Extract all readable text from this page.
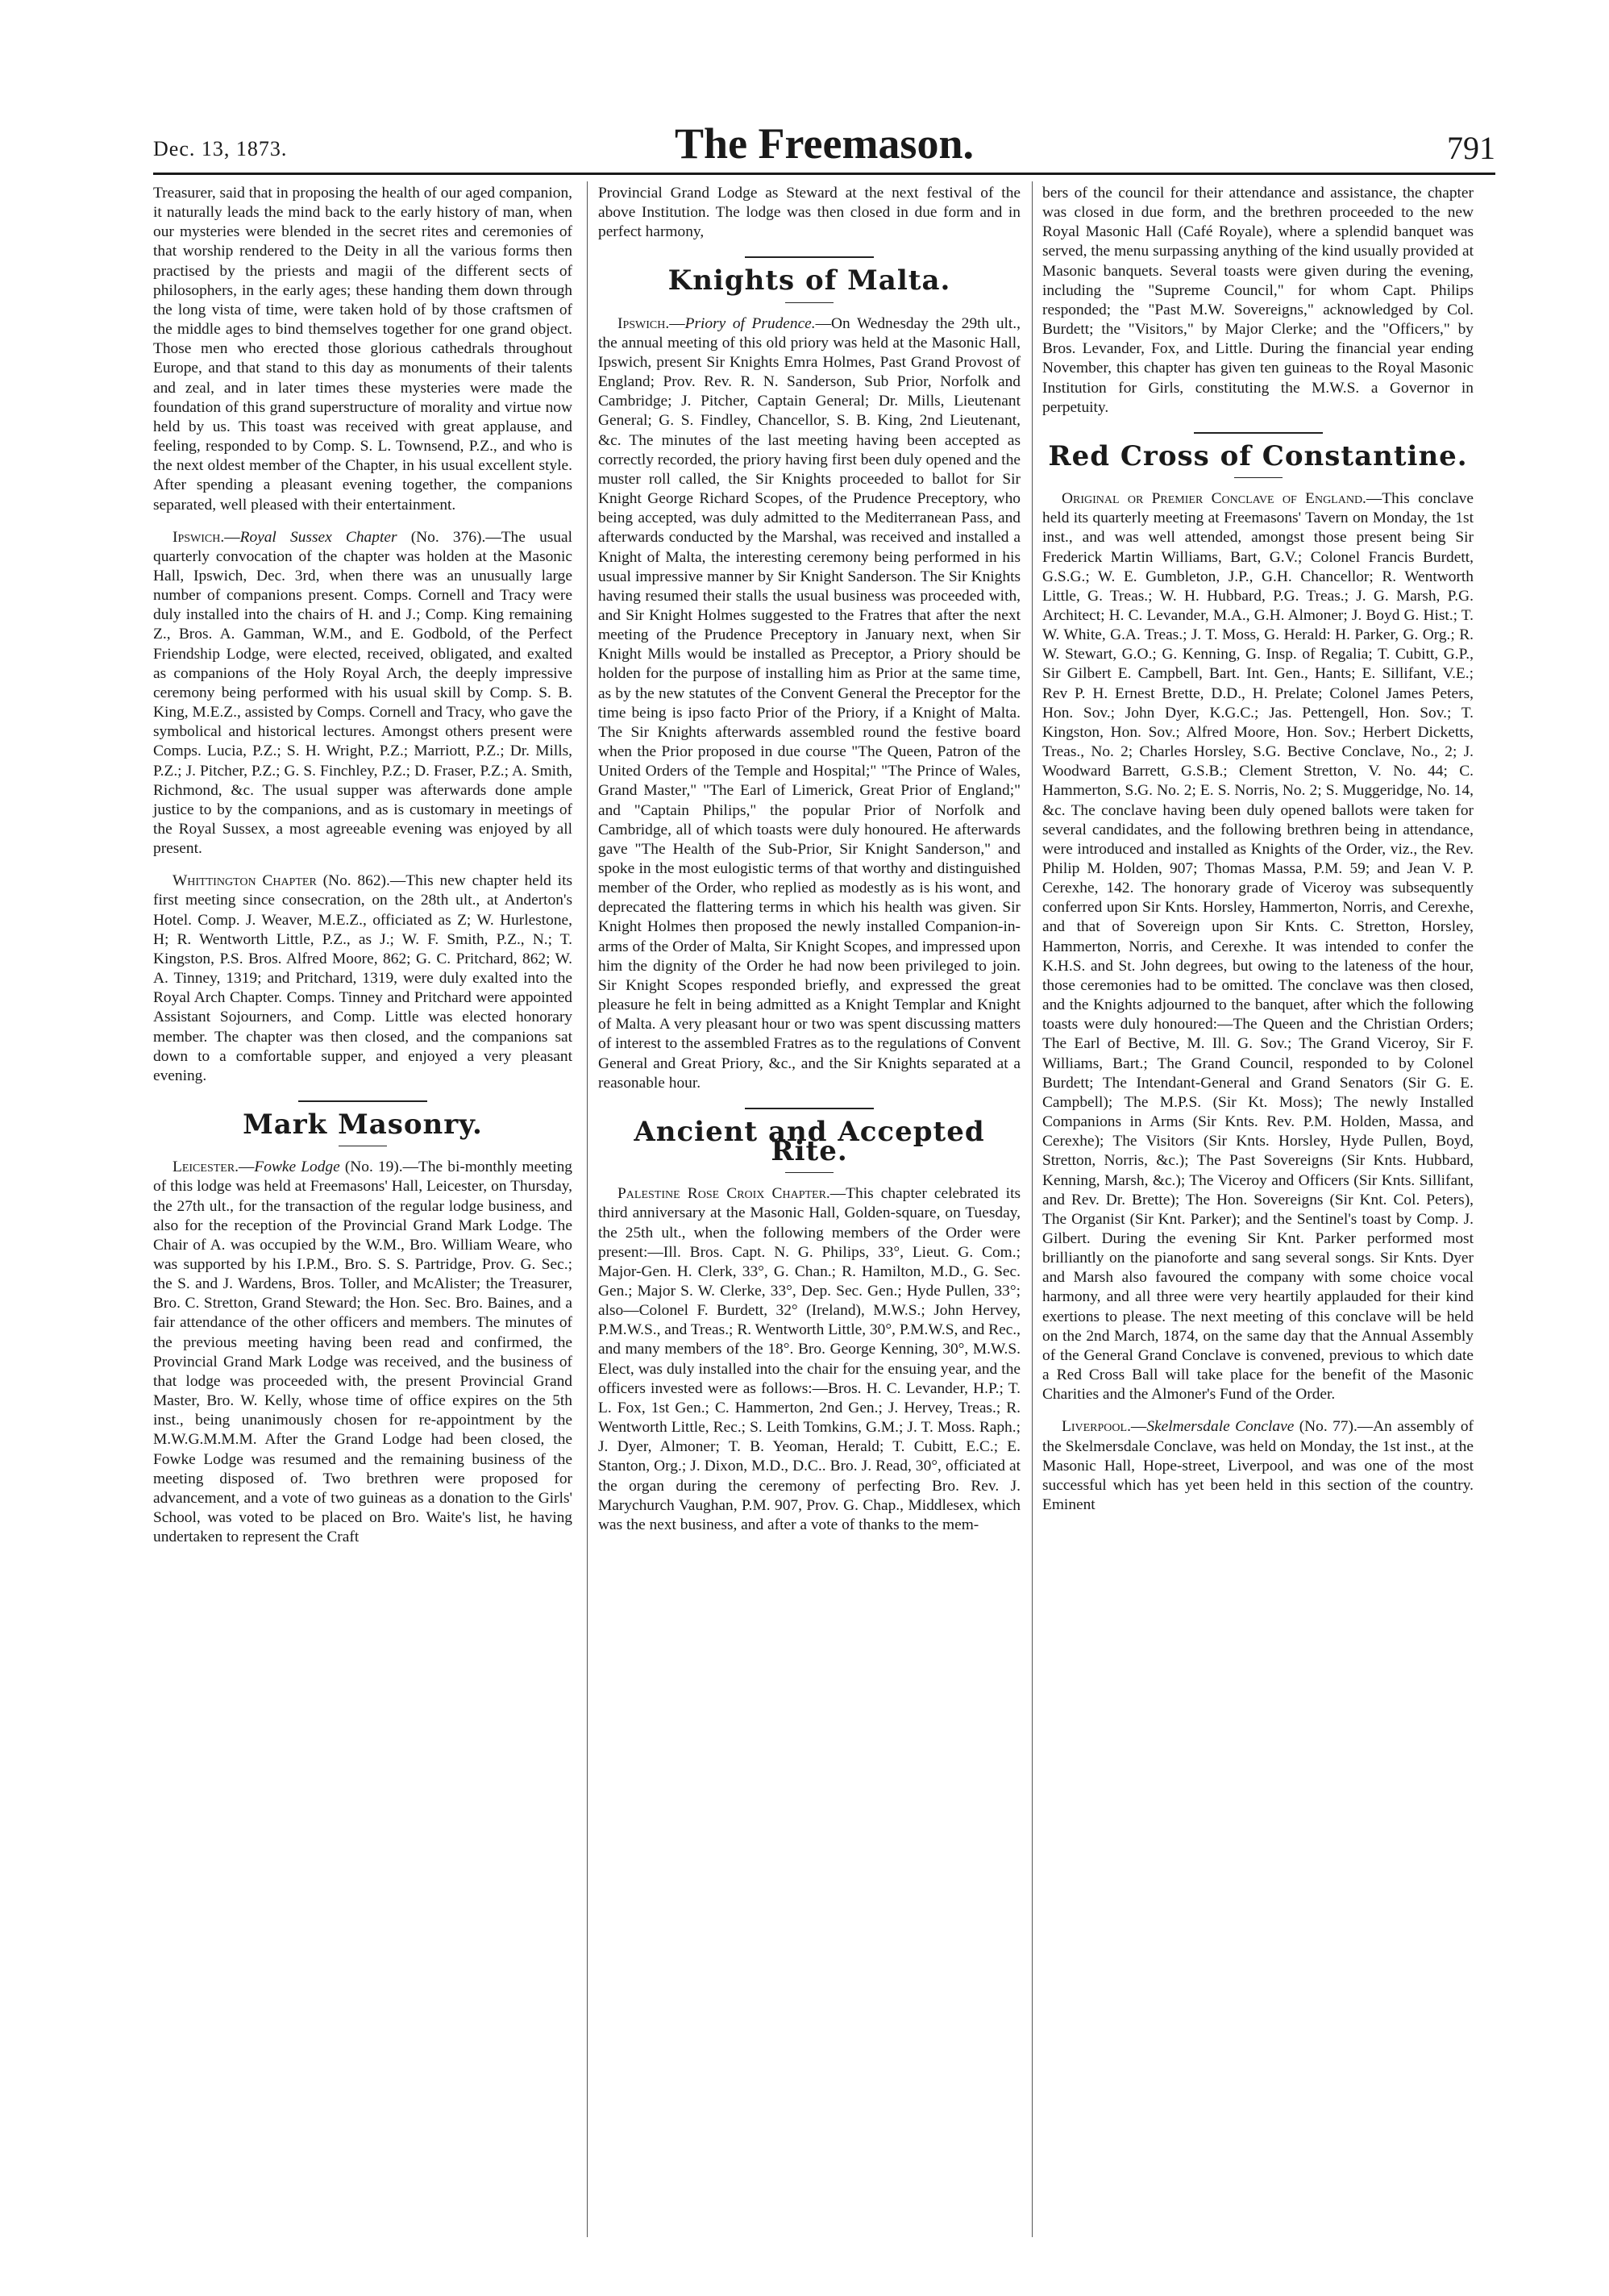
Dec. 13, 1873.	The Freemason.	791

Treasurer, said that in proposing the health of our aged companion, it naturally leads the mind back to the early history of man, when our mysteries were blended in the secret rites and ceremonies of that worship rendered to the Deity in all the various forms then practised by the priests and magii of the different sects of philosophers, in the early ages; these handing them down through the long vista of time, were taken hold of by those craftsmen of the middle ages to bind themselves together for one grand object. Those men who erected those glorious cathedrals throughout Europe, and that stand to this day as monuments of their talents and zeal, and in later times these mysteries were made the foundation of this grand superstructure of morality and virtue now held by us. This toast was received with great applause, and feeling, responded to by Comp. S. L. Townsend, P.Z., and who is the next oldest member of the Chapter, in his usual excellent style. After spending a pleasant evening together, the companions separated, well pleased with their entertainment.

Ipswich.—Royal Sussex Chapter (No. 376).—The usual quarterly convocation of the chapter was holden at the Masonic Hall, Ipswich, Dec. 3rd, when there was an unusually large number of companions present. Comps. Cornell and Tracy were duly installed into the chairs of H. and J.; Comp. King remaining Z., Bros. A. Gamman, W.M., and E. Godbold, of the Perfect Friendship Lodge, were elected, received, obligated, and exalted as companions of the Holy Royal Arch, the deeply impressive ceremony being performed with his usual skill by Comp. S. B. King, M.E.Z., assisted by Comps. Cornell and Tracy, who gave the symbolical and historical lectures. Amongst others present were Comps. Lucia, P.Z.; S. H. Wright, P.Z.; Marriott, P.Z.; Dr. Mills, P.Z.; J. Pitcher, P.Z.; G. S. Finchley, P.Z.; D. Fraser, P.Z.; A. Smith, Richmond, &c. The usual supper was afterwards done ample justice to by the companions, and as is customary in meetings of the Royal Sussex, a most agreeable evening was enjoyed by all present.

Whittington Chapter (No. 862).—This new chapter held its first meeting since consecration, on the 28th ult., at Anderton's Hotel. Comp. J. Weaver, M.E.Z., officiated as Z; W. Hurlestone, H; R. Wentworth Little, P.Z., as J.; W. F. Smith, P.Z., N.; T. Kingston, P.S. Bros. Alfred Moore, 862; G. C. Pritchard, 862; W. A. Tinney, 1319; and Pritchard, 1319, were duly exalted into the Royal Arch Chapter. Comps. Tinney and Pritchard were appointed Assistant Sojourners, and Comp. Little was elected honorary member. The chapter was then closed, and the companions sat down to a comfortable supper, and enjoyed a very pleasant evening.

Mark Masonry.

Leicester.—Fowke Lodge (No. 19).—The bi-monthly meeting of this lodge was held at Freemasons' Hall, Leicester, on Thursday, the 27th ult., for the transaction of the regular lodge business, and also for the reception of the Provincial Grand Mark Lodge. The Chair of A. was occupied by the W.M., Bro. William Weare, who was supported by his I.P.M., Bro. S. S. Partridge, Prov. G. Sec.; the S. and J. Wardens, Bros. Toller, and McAlister; the Treasurer, Bro. C. Stretton, Grand Steward; the Hon. Sec. Bro. Baines, and a fair attendance of the other officers and members. The minutes of the previous meeting having been read and confirmed, the Provincial Grand Mark Lodge was received, and the business of that lodge was proceeded with, the present Provincial Grand Master, Bro. W. Kelly, whose time of office expires on the 5th inst., being unanimously chosen for re-appointment by the M.W.G.M.M.M. After the Grand Lodge had been closed, the Fowke Lodge was resumed and the remaining business of the meeting disposed of. Two brethren were proposed for advancement, and a vote of two guineas as a donation to the Girls' School, was voted to be placed on Bro. Waite's list, he having undertaken to represent the Craft

Provincial Grand Lodge as Steward at the next festival of the above Institution. The lodge was then closed in due form and in perfect harmony,

Knights of Malta.

Ipswich.—Priory of Prudence.—On Wednesday the 29th ult., the annual meeting of this old priory was held at the Masonic Hall, Ipswich, present Sir Knights Emra Holmes, Past Grand Provost of England; Prov. Rev. R. N. Sanderson, Sub Prior, Norfolk and Cambridge; J. Pitcher, Captain General; Dr. Mills, Lieutenant General; G. S. Findley, Chancellor, S. B. King, 2nd Lieutenant, &c. The minutes of the last meeting having been accepted as correctly recorded, the priory having first been duly opened and the muster roll called, the Sir Knights proceeded to ballot for Sir Knight George Richard Scopes, of the Prudence Preceptory, who being accepted, was duly admitted to the Mediterranean Pass, and afterwards conducted by the Marshal, was received and installed a Knight of Malta, the interesting ceremony being performed in his usual impressive manner by Sir Knight Sanderson. The Sir Knights having resumed their stalls the usual business was proceeded with, and Sir Knight Holmes suggested to the Fratres that after the next meeting of the Prudence Preceptory in January next, when Sir Knight Mills would be installed as Preceptor, a Priory should be holden for the purpose of installing him as Prior at the same time, as by the new statutes of the Convent General the Preceptor for the time being is ipso facto Prior of the Priory, if a Knight of Malta. The Sir Knights afterwards assembled round the festive board when the Prior proposed in due course "The Queen, Patron of the United Orders of the Temple and Hospital;" "The Prince of Wales, Grand Master," "The Earl of Limerick, Great Prior of England;" and "Captain Philips," the popular Prior of Norfolk and Cambridge, all of which toasts were duly honoured. He afterwards gave "The Health of the Sub-Prior, Sir Knight Sanderson," and spoke in the most eulogistic terms of that worthy and distinguished member of the Order, who replied as modestly as is his wont, and deprecated the flattering terms in which his health was given. Sir Knight Holmes then proposed the newly installed Companion-in-arms of the Order of Malta, Sir Knight Scopes, and impressed upon him the dignity of the Order he had now been privileged to join. Sir Knight Scopes responded briefly, and expressed the great pleasure he felt in being admitted as a Knight Templar and Knight of Malta. A very pleasant hour or two was spent discussing matters of interest to the assembled Fratres as to the regulations of Convent General and Great Priory, &c., and the Sir Knights separated at a reasonable hour.

Ancient and Accepted Rite.

Palestine Rose Croix Chapter.—This chapter celebrated its third anniversary at the Masonic Hall, Golden-square, on Tuesday, the 25th ult., when the following members of the Order were present:—Ill. Bros. Capt. N. G. Philips, 33°, Lieut. G. Com.; Major-Gen. H. Clerk, 33°, G. Chan.; R. Hamilton, M.D., G. Sec. Gen.; Major S. W. Clerke, 33°, Dep. Sec. Gen.; Hyde Pullen, 33°; also—Colonel F. Burdett, 32° (Ireland), M.W.S.; John Hervey, P.M.W.S., and Treas.; R. Wentworth Little, 30°, P.M.W.S, and Rec., and many members of the 18°. Bro. George Kenning, 30°, M.W.S. Elect, was duly installed into the chair for the ensuing year, and the officers invested were as follows:—Bros. H. C. Levander, H.P.; T. L. Fox, 1st Gen.; C. Hammerton, 2nd Gen.; J. Hervey, Treas.; R. Wentworth Little, Rec.; S. Leith Tomkins, G.M.; J. T. Moss. Raph.; J. Dyer, Almoner; T. B. Yeoman, Herald; T. Cubitt, E.C.; E. Stanton, Org.; J. Dixon, M.D., D.C.. Bro. J. Read, 30°, officiated at the organ during the ceremony of perfecting Bro. Rev. J. Marychurch Vaughan, P.M. 907, Prov. G. Chap., Middlesex, which was the next business, and after a vote of thanks to the mem-

bers of the council for their attendance and assistance, the chapter was closed in due form, and the brethren proceeded to the new Royal Masonic Hall (Café Royale), where a splendid banquet was served, the menu surpassing anything of the kind usually provided at Masonic banquets. Several toasts were given during the evening, including the "Supreme Council," for whom Capt. Philips responded; the "Past M.W. Sovereigns," acknowledged by Col. Burdett; the "Visitors," by Major Clerke; and the "Officers," by Bros. Levander, Fox, and Little. During the financial year ending November, this chapter has given ten guineas to the Royal Masonic Institution for Girls, constituting the M.W.S. a Governor in perpetuity.

Red Cross of Constantine.

Original or Premier Conclave of England.—This conclave held its quarterly meeting at Freemasons' Tavern on Monday, the 1st inst., and was well attended, amongst those present being Sir Frederick Martin Williams, Bart, G.V.; Colonel Francis Burdett, G.S.G.; W. E. Gumbleton, J.P., G.H. Chancellor; R. Wentworth Little, G. Treas.; W. H. Hubbard, P.G. Treas.; J. G. Marsh, P.G. Architect; H. C. Levander, M.A., G.H. Almoner; J. Boyd G. Hist.; T. W. White, G.A. Treas.; J. T. Moss, G. Herald: H. Parker, G. Org.; R. W. Stewart, G.O.; G. Kenning, G. Insp. of Regalia; T. Cubitt, G.P., Sir Gilbert E. Campbell, Bart. Int. Gen., Hants; E. Sillifant, V.E.; Rev P. H. Ernest Brette, D.D., H. Prelate; Colonel James Peters, Hon. Sov.; John Dyer, K.G.C.; Jas. Pettengell, Hon. Sov.; T. Kingston, Hon. Sov.; Alfred Moore, Hon. Sov.; Herbert Dicketts, Treas., No. 2; Charles Horsley, S.G. Bective Conclave, No., 2; J. Woodward Barrett, G.S.B.; Clement Stretton, V. No. 44; C. Hammerton, S.G. No. 2; E. S. Norris, No. 2; S. Muggeridge, No. 14, &c. The conclave having been duly opened ballots were taken for several candidates, and the following brethren being in attendance, were introduced and installed as Knights of the Order, viz., the Rev. Philip M. Holden, 907; Thomas Massa, P.M. 59; and Jean V. P. Cerexhe, 142. The honorary grade of Viceroy was subsequently conferred upon Sir Knts. Horsley, Hammerton, Norris, and Cerexhe, and that of Sovereign upon Sir Knts. C. Stretton, Horsley, Hammerton, Norris, and Cerexhe. It was intended to confer the K.H.S. and St. John degrees, but owing to the lateness of the hour, those ceremonies had to be omitted. The conclave was then closed, and the Knights adjourned to the banquet, after which the following toasts were duly honoured:—The Queen and the Christian Orders; The Earl of Bective, M. Ill. G. Sov.; The Grand Viceroy, Sir F. Williams, Bart.; The Grand Council, responded to by Colonel Burdett; The Intendant-General and Grand Senators (Sir G. E. Campbell); The M.P.S. (Sir Kt. Moss); The newly Installed Companions in Arms (Sir Knts. Rev. P.M. Holden, Massa, and Cerexhe); The Visitors (Sir Knts. Horsley, Hyde Pullen, Boyd, Stretton, Norris, &c.); The Past Sovereigns (Sir Knts. Hubbard, Kenning, Marsh, &c.); The Viceroy and Officers (Sir Knts. Sillifant, and Rev. Dr. Brette); The Hon. Sovereigns (Sir Knt. Col. Peters), The Organist (Sir Knt. Parker); and the Sentinel's toast by Comp. J. Gilbert. During the evening Sir Knt. Parker performed most brilliantly on the pianoforte and sang several songs. Sir Knts. Dyer and Marsh also favoured the company with some choice vocal harmony, and all three were very heartily applauded for their kind exertions to please. The next meeting of this conclave will be held on the 2nd March, 1874, on the same day that the Annual Assembly of the General Grand Conclave is convened, previous to which date a Red Cross Ball will take place for the benefit of the Masonic Charities and the Almoner's Fund of the Order.

Liverpool.—Skelmersdale Conclave (No. 77).—An assembly of the Skelmersdale Conclave, was held on Monday, the 1st inst., at the Masonic Hall, Hope-street, Liverpool, and was one of the most successful which has yet been held in this section of the country. Eminent
